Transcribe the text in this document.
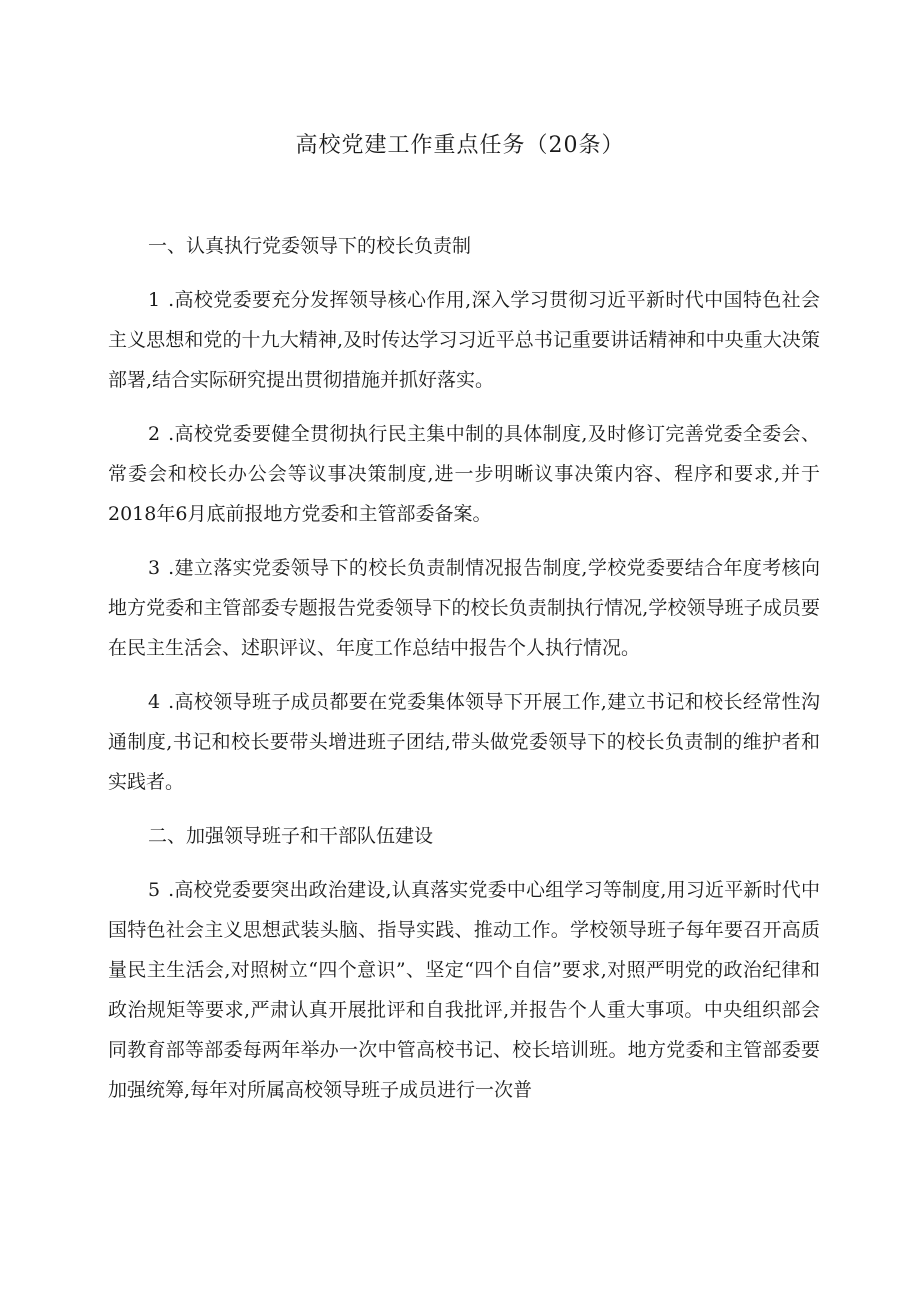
高校党建工作重点任务（20条）

一、认真执行党委领导下的校长负责制

1 .高校党委要充分发挥领导核心作用,深入学习贯彻习近平新时代中国特色社会主义思想和党的十九大精神,及时传达学习习近平总书记重要讲话精神和中央重大决策部署,结合实际研究提出贯彻措施并抓好落实。

2 .高校党委要健全贯彻执行民主集中制的具体制度,及时修订完善党委全委会、常委会和校长办公会等议事决策制度,进一步明晰议事决策内容、程序和要求,并于2018年6月底前报地方党委和主管部委备案。

3 .建立落实党委领导下的校长负责制情况报告制度,学校党委要结合年度考核向地方党委和主管部委专题报告党委领导下的校长负责制执行情况,学校领导班子成员要在民主生活会、述职评议、年度工作总结中报告个人执行情况。

4 .高校领导班子成员都要在党委集体领导下开展工作,建立书记和校长经常性沟通制度,书记和校长要带头增进班子团结,带头做党委领导下的校长负责制的维护者和实践者。

二、加强领导班子和干部队伍建设

5 .高校党委要突出政治建设,认真落实党委中心组学习等制度,用习近平新时代中国特色社会主义思想武装头脑、指导实践、推动工作。学校领导班子每年要召开高质量民主生活会,对照树立“四个意识”、坚定“四个自信”要求,对照严明党的政治纪律和政治规矩等要求,严肃认真开展批评和自我批评,并报告个人重大事项。中央组织部会同教育部等部委每两年举办一次中管高校书记、校长培训班。地方党委和主管部委要加强统筹,每年对所属高校领导班子成员进行一次普
